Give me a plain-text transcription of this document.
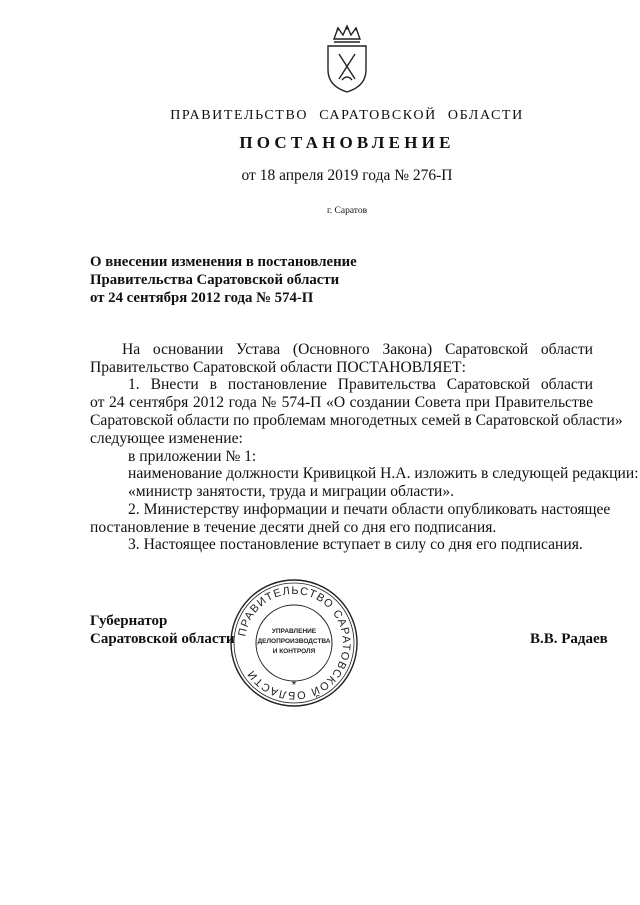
ПРАВИТЕЛЬСТВО САРАТОВСКОЙ ОБЛАСТИ
ПОСТАНОВЛЕНИЕ
от 18 апреля 2019 года № 276-П
г. Саратов
О внесении изменения в постановление
Правительства Саратовской области
от 24 сентября 2012 года № 574-П
На основании Устава (Основного Закона) Саратовской области
Правительство Саратовской области ПОСТАНОВЛЯЕТ:
1. Внести в постановление Правительства Саратовской области
от 24 сентября 2012 года № 574-П «О создании Совета при Правительстве
Саратовской области по проблемам многодетных семей в Саратовской области»
следующее изменение:
в приложении № 1:
наименование должности Кривицкой Н.А. изложить в следующей редакции:
«министр занятости, труда и миграции области».
2. Министерству информации и печати области опубликовать настоящее
постановление в течение десяти дней со дня его подписания.
3. Настоящее постановление вступает в силу со дня его подписания.
ПРАВИТЕЛЬСТВО САРАТОВСКОЙ ОБЛАСТИ
УПРАВЛЕНИЕ
ДЕЛОПРОИЗВОДСТВА
И КОНТРОЛЯ
*
Губернатор
Саратовской области	В.В. Радаев
